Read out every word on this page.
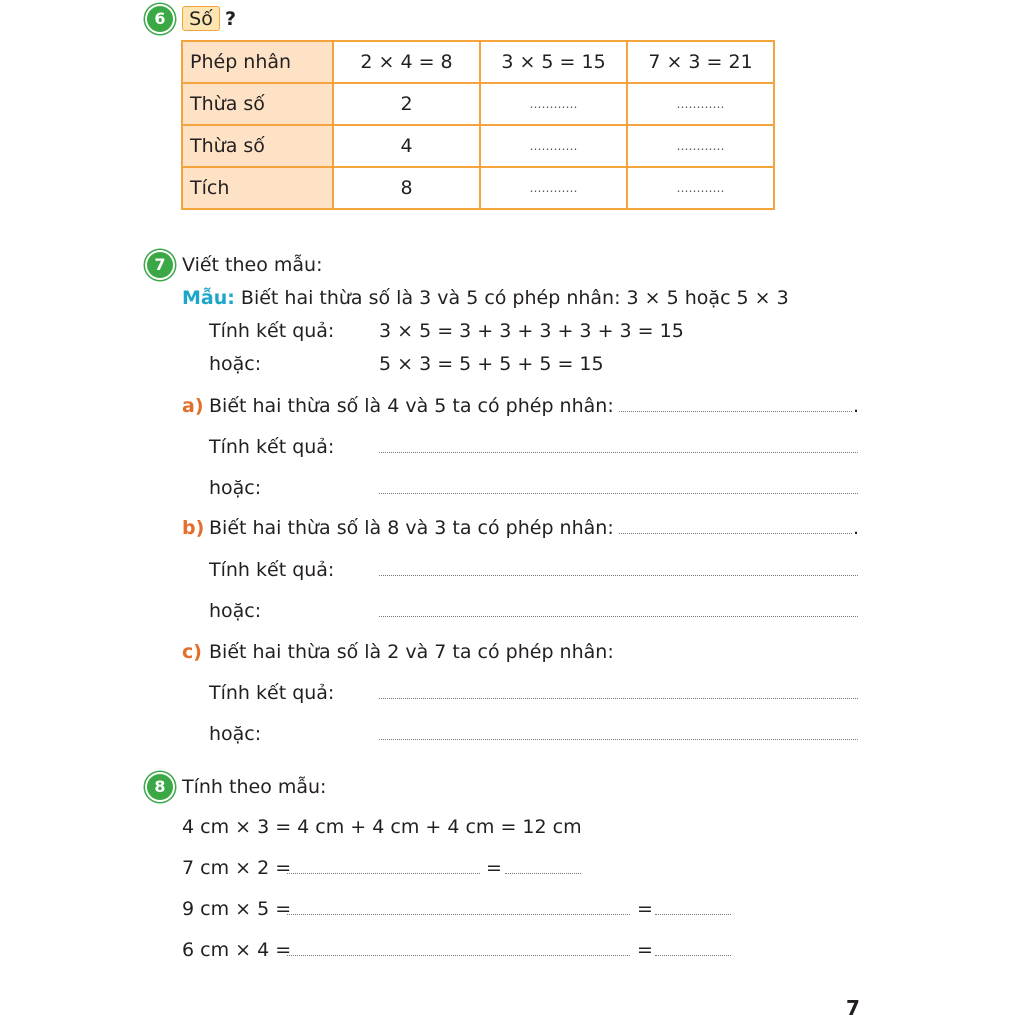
6	Số ?
Phép nhân	2 × 4 = 8	3 × 5 = 15	7 × 3 = 21
Thừa số	2	…………	…………
Thừa số	4	…………	…………
Tích	8	…………	…………
7 Viết theo mẫu:
Mẫu: Biết hai thừa số là 3 và 5 có phép nhân: 3 × 5 hoặc 5 × 3
Tính kết quả: 3 × 5 = 3 + 3 + 3 + 3 + 3 = 15
hoặc:	5 × 3 = 5 + 5 + 5 = 15
a) Biết hai thừa số là 4 và 5 ta có phép nhân:	.
Tính kết quả:
hoặc:
b) Biết hai thừa số là 8 và 3 ta có phép nhân:	.
Tính kết quả:
hoặc:
c) Biết hai thừa số là 2 và 7 ta có phép nhân:
Tính kết quả:
hoặc:
8 Tính theo mẫu:
4 cm × 3 = 4 cm + 4 cm + 4 cm = 12 cm
7 cm × 2 =	=
9 cm × 5 =	=
6 cm × 4 =	=
7
